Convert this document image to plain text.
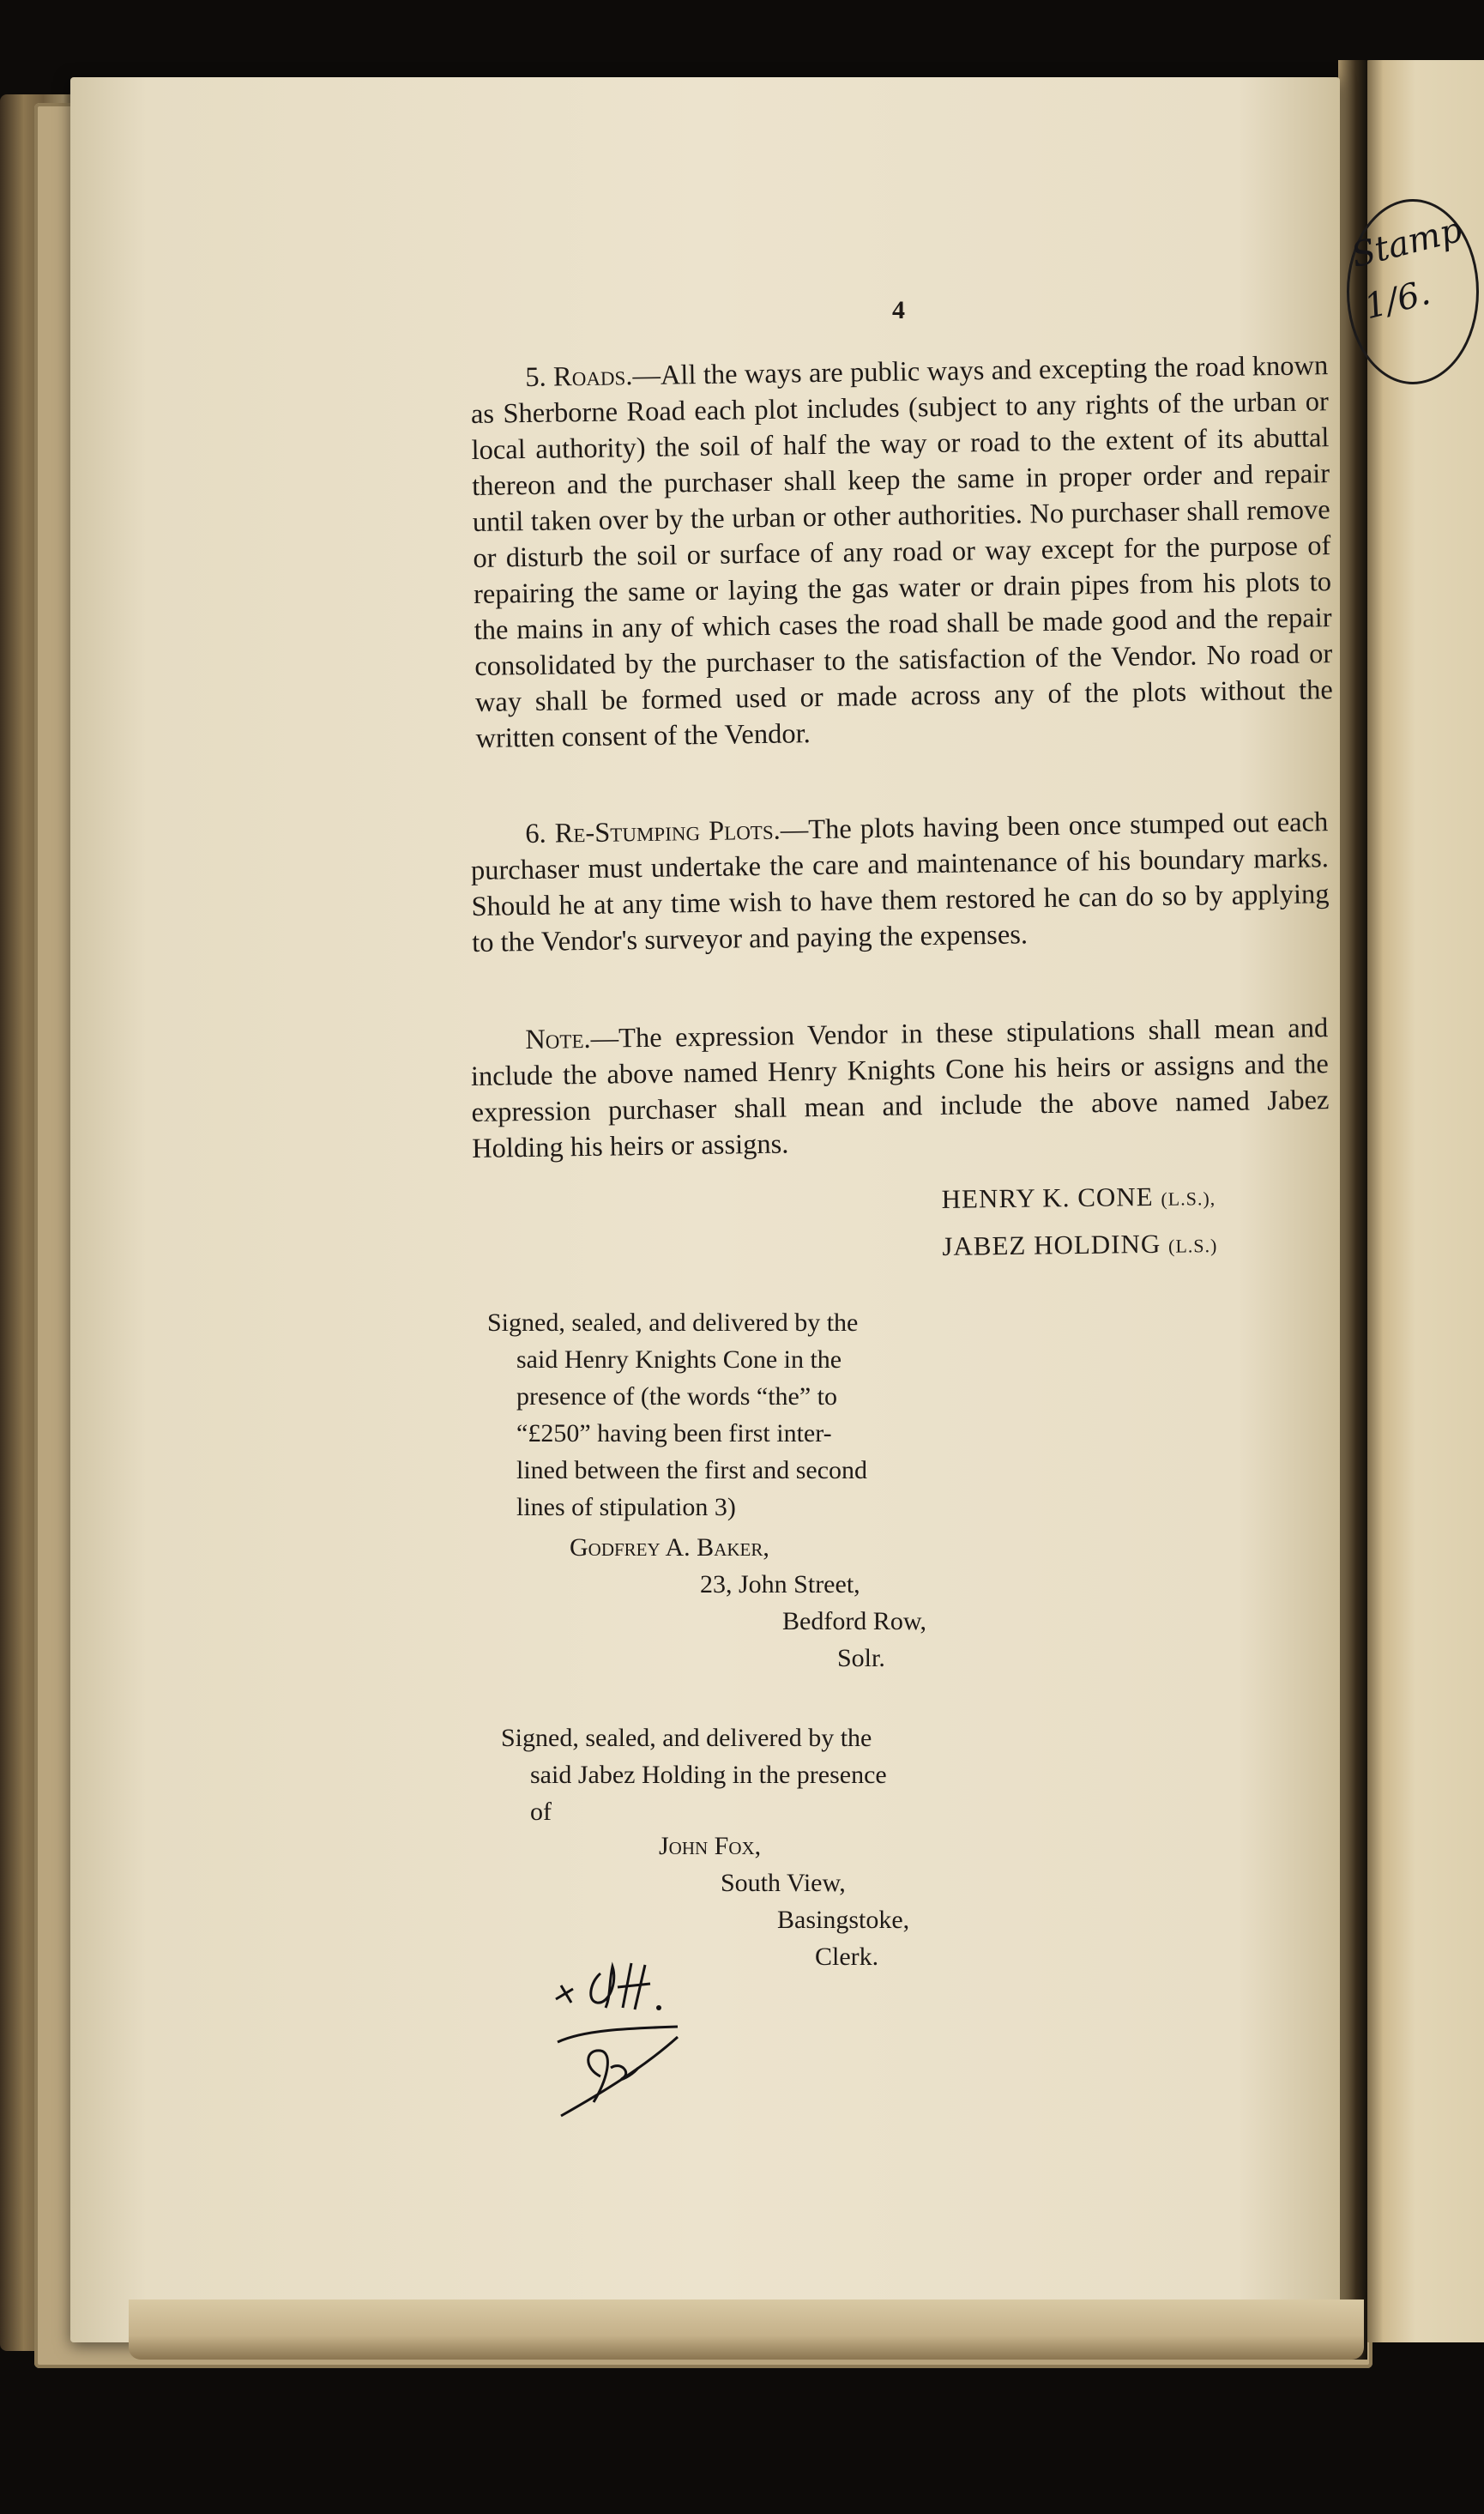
Stamp
1/6.
4

5. Roads.—All the ways are public ways and excepting the road known as Sherborne Road each plot includes (subject to any rights of the urban or local authority) the soil of half the way or road to the extent of its abuttal thereon and the purchaser shall keep the same in proper order and repair until taken over by the urban or other authorities. No purchaser shall remove or disturb the soil or surface of any road or way except for the purpose of repairing the same or laying the gas water or drain pipes from his plots to the mains in any of which cases the road shall be made good and the repair consolidated by the purchaser to the satisfaction of the Vendor. No road or way shall be formed used or made across any of the plots without the written consent of the Vendor.

6. Re-Stumping Plots.—The plots having been once stumped out each purchaser must undertake the care and maintenance of his boundary marks. Should he at any time wish to have them restored he can do so by applying to the Vendor's surveyor and paying the expenses.

Note.—The expression Vendor in these stipulations shall mean and include the above named Henry Knights Cone his heirs or assigns and the expression purchaser shall mean and include the above named Jabez Holding his heirs or assigns.

HENRY K. CONE (L.S.),
JABEZ HOLDING (L.S.)

Signed, sealed, and delivered by the
said Henry Knights Cone in the
presence of (the words “the” to
“£250” having been first inter-
lined between the first and second
lines of stipulation 3)

Godfrey A. Baker,
23, John Street,
Bedford Row,
Solr.

Signed, sealed, and delivered by the
said Jabez Holding in the presence
of

John Fox,
South View,
Basingstoke,
Clerk.
